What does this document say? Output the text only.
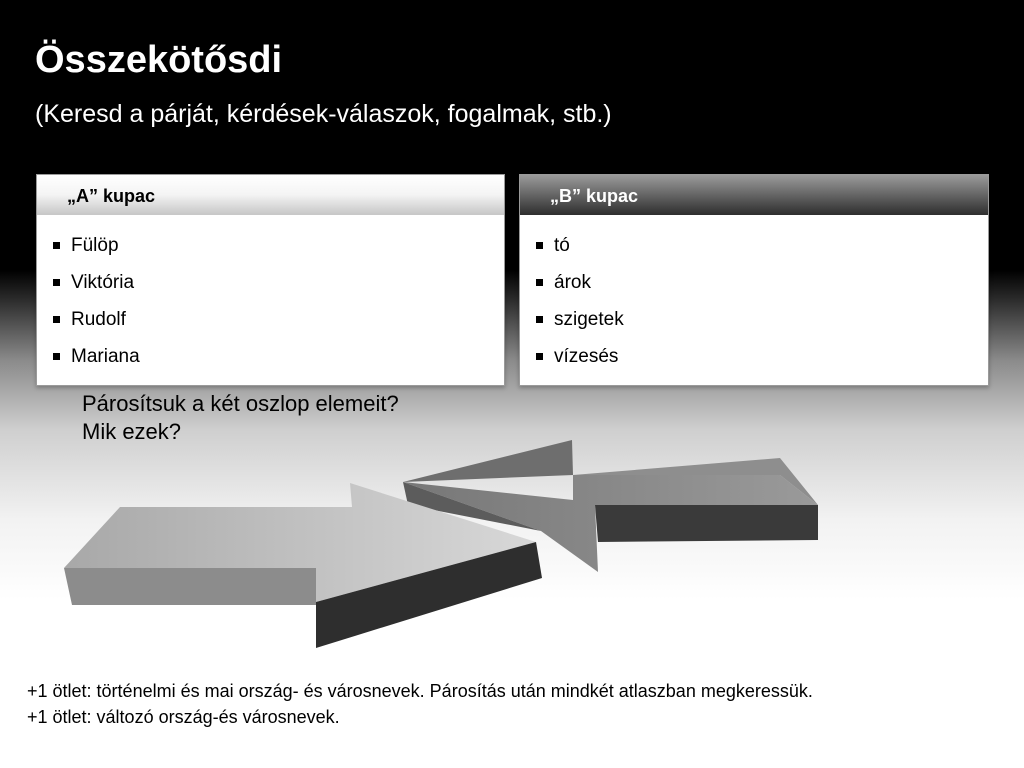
Összekötősdi

(Keresd a párját, kérdések-válaszok, fogalmak, stb.)

„A” kupac
Fülöp
Viktória
Rudolf
Mariana
„B” kupac
tó
árok
szigetek
vízesés
Párosítsuk a két oszlop elemeit?
Mik ezek?
+1 ötlet: történelmi és mai ország- és városnevek. Párosítás után mindkét atlaszban megkeressük.
+1 ötlet: változó ország-és városnevek.
